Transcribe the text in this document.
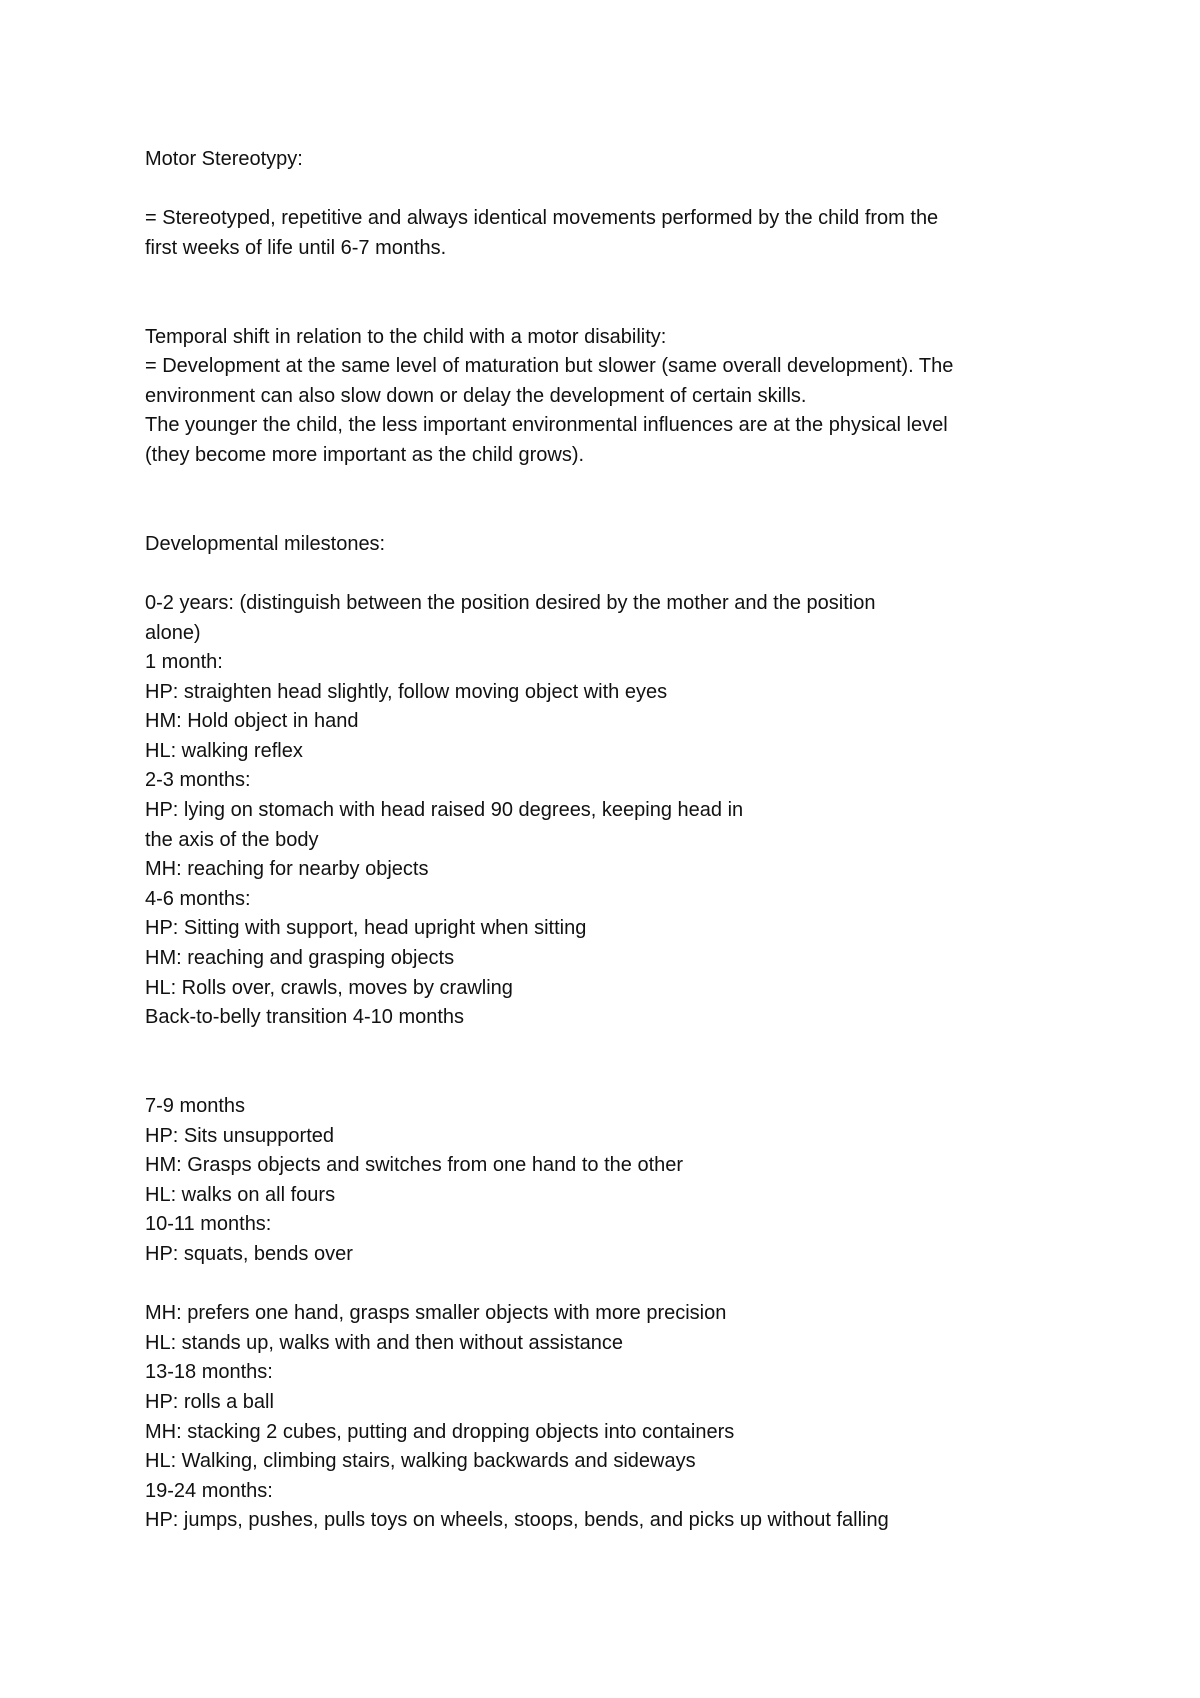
Motor Stereotypy:
= Stereotyped, repetitive and always identical movements performed by the child from the
first weeks of life until 6-7 months.
Temporal shift in relation to the child with a motor disability:
= Development at the same level of maturation but slower (same overall development). The
environment can also slow down or delay the development of certain skills.
The younger the child, the less important environmental influences are at the physical level
(they become more important as the child grows).
Developmental milestones:
0-2 years: (distinguish between the position desired by the mother and the position
alone)
1 month:
HP: straighten head slightly, follow moving object with eyes
HM: Hold object in hand
HL: walking reflex
2-3 months:
HP: lying on stomach with head raised 90 degrees, keeping head in
the axis of the body
MH: reaching for nearby objects
4-6 months:
HP: Sitting with support, head upright when sitting
HM: reaching and grasping objects
HL: Rolls over, crawls, moves by crawling
Back-to-belly transition 4-10 months
7-9 months
HP: Sits unsupported
HM: Grasps objects and switches from one hand to the other
HL: walks on all fours
10-11 months:
HP: squats, bends over
MH: prefers one hand, grasps smaller objects with more precision
HL: stands up, walks with and then without assistance
13-18 months:
HP: rolls a ball
MH: stacking 2 cubes, putting and dropping objects into containers
HL: Walking, climbing stairs, walking backwards and sideways
19-24 months:
HP: jumps, pushes, pulls toys on wheels, stoops, bends, and picks up without falling
